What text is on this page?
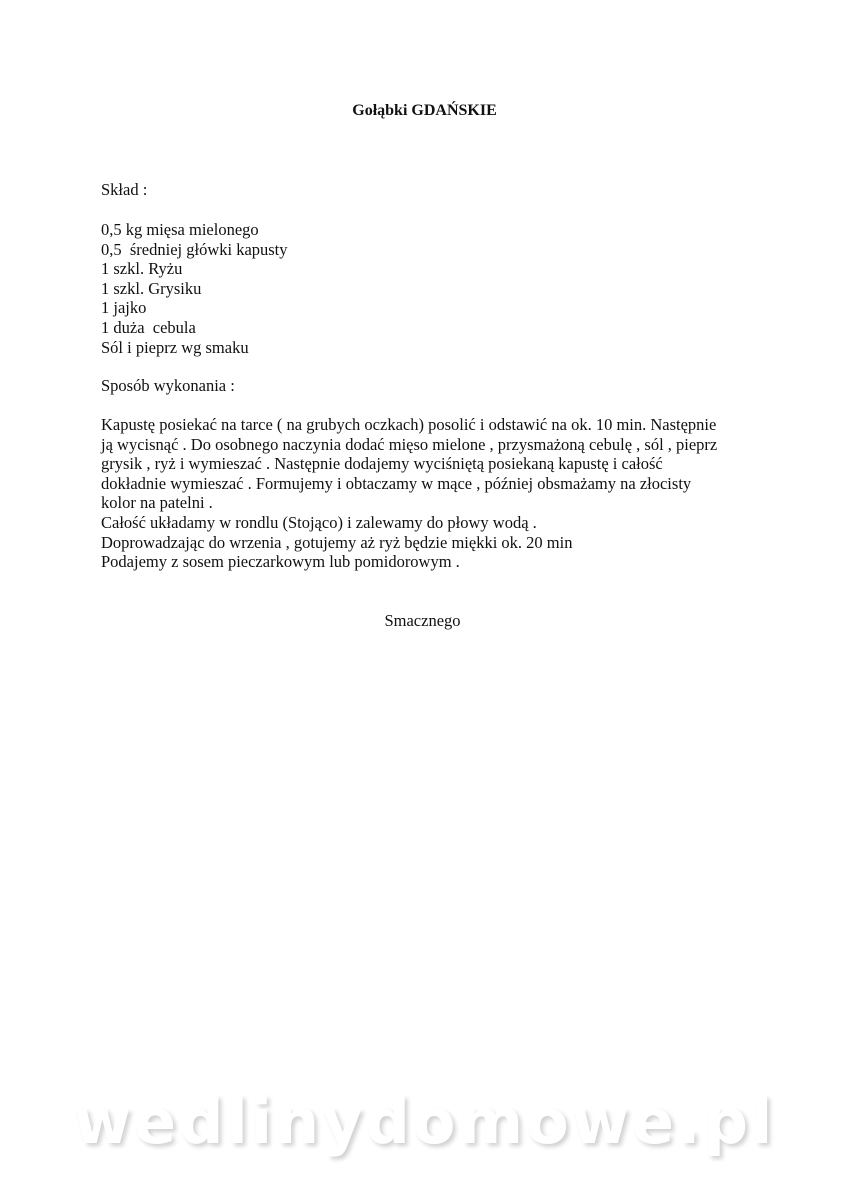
Gołąbki GDAŃSKIE
Skład :
0,5 kg mięsa mielonego
0,5  średniej główki kapusty
1 szkl. Ryżu
1 szkl. Grysiku
1 jajko
1 duża  cebula
Sól i pieprz wg smaku
Sposób wykonania :
Kapustę posiekać na tarce ( na grubych oczkach) posolić i odstawić na ok. 10 min. Następnie
ją wycisnąć . Do osobnego naczynia dodać mięso mielone , przysmażoną cebulę , sól , pieprz
grysik , ryż i wymieszać . Następnie dodajemy wyciśniętą posiekaną kapustę i całość
dokładnie wymieszać . Formujemy i obtaczamy w mące , później obsmażamy na złocisty
kolor na patelni .
Całość układamy w rondlu (Stojąco) i zalewamy do płowy wodą .
Doprowadzając do wrzenia , gotujemy aż ryż będzie miękki ok. 20 min
Podajemy z sosem pieczarkowym lub pomidorowym .
Smacznego
wedlinydomowe.pl
